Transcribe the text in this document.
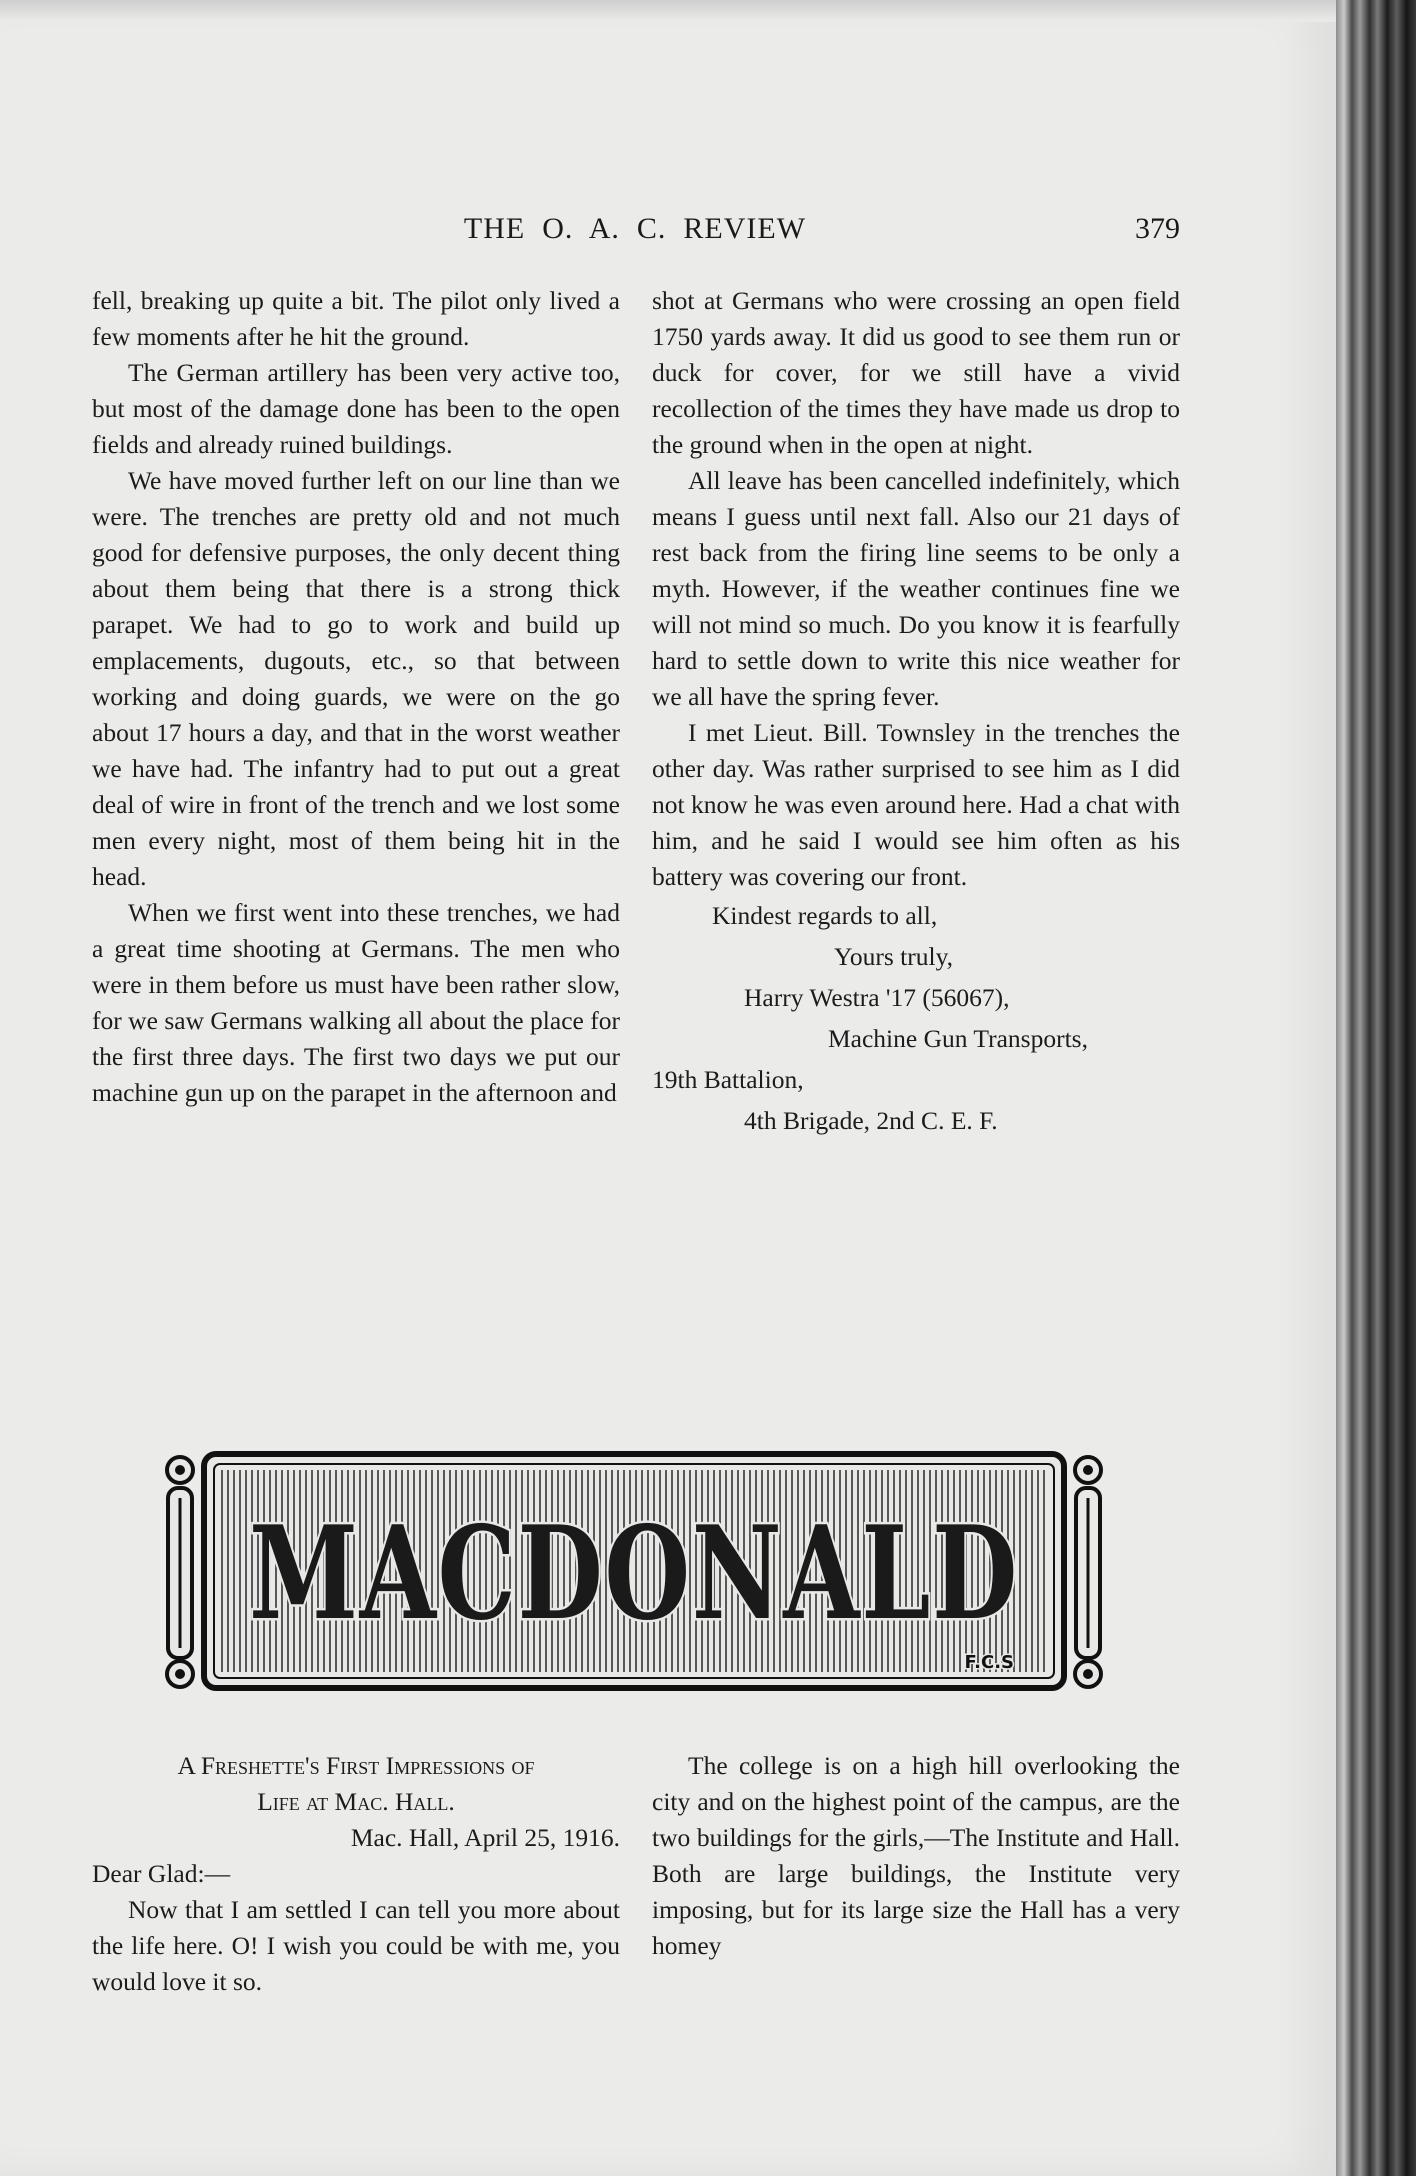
THE  O.  A.  C.  REVIEW	379

fell, breaking up quite a bit. The pilot only lived a few moments after he hit the ground.

The German artillery has been very active too, but most of the damage done has been to the open fields and already ruined buildings.

We have moved further left on our line than we were. The trenches are pretty old and not much good for defensive purposes, the only decent thing about them being that there is a strong thick parapet. We had to go to work and build up emplacements, dugouts, etc., so that between working and doing guards, we were on the go about 17 hours a day, and that in the worst weather we have had. The infantry had to put out a great deal of wire in front of the trench and we lost some men every night, most of them being hit in the head.

When we first went into these trenches, we had a great time shooting at Germans. The men who were in them before us must have been rather slow, for we saw Germans walking all about the place for the first three days. The first two days we put our machine gun up on the parapet in the afternoon and

shot at Germans who were crossing an open field 1750 yards away. It did us good to see them run or duck for cover, for we still have a vivid recollection of the times they have made us drop to the ground when in the open at night.

All leave has been cancelled indefinitely, which means I guess until next fall. Also our 21 days of rest back from the firing line seems to be only a myth. However, if the weather continues fine we will not mind so much. Do you know it is fearfully hard to settle down to write this nice weather for we all have the spring fever.

I met Lieut. Bill. Townsley in the trenches the other day. Was rather surprised to see him as I did not know he was even around here. Had a chat with him, and he said I would see him often as his battery was covering our front.

Kindest regards to all,
Yours truly,
Harry Westra '17 (56067),
Machine Gun Transports,
19th Battalion,
4th Brigade, 2nd C. E. F.
MACDONALD
F.C.S

A Freshette's First Impressions of

Life at Mac. Hall.

Mac. Hall, April 25, 1916.

Dear Glad:—

Now that I am settled I can tell you more about the life here. O! I wish you could be with me, you would love it so.

The college is on a high hill overlooking the city and on the highest point of the campus, are the two buildings for the girls,—The Institute and Hall. Both are large buildings, the Institute very imposing, but for its large size the Hall has a very homey
